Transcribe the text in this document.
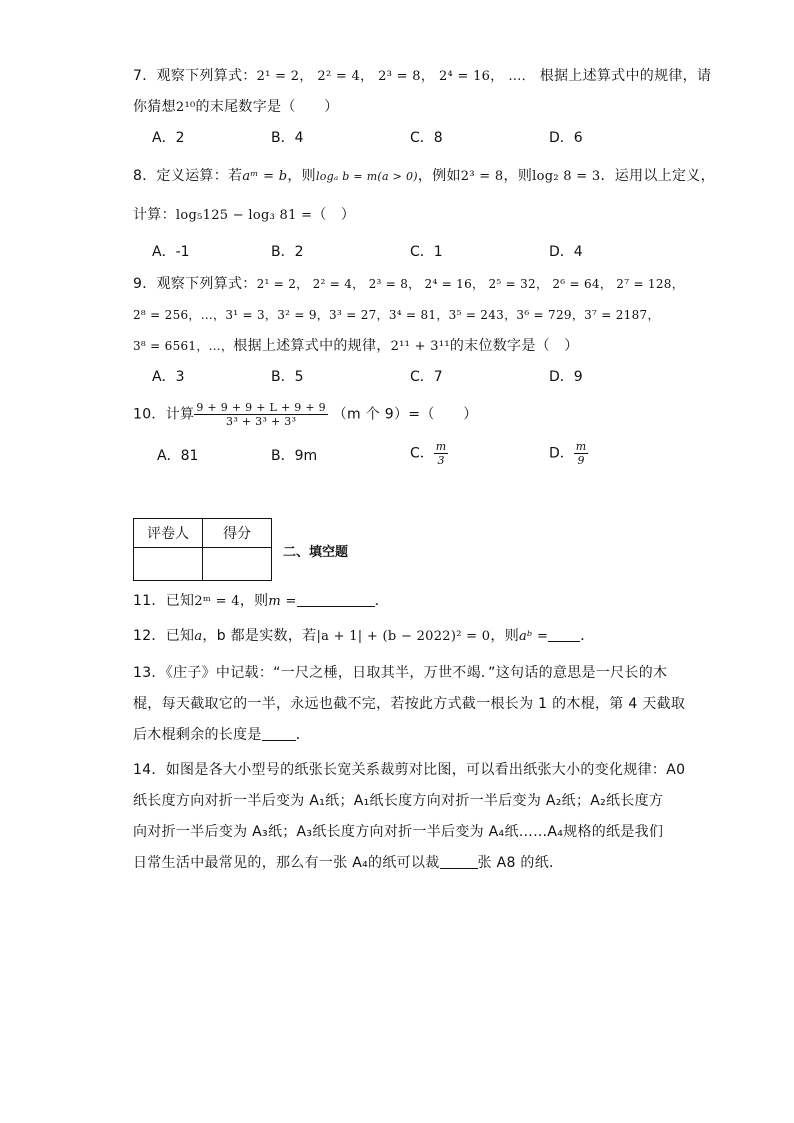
7．观察下列算式：2¹ = 2， 2² = 4， 2³ = 8， 2⁴ = 16， …． 根据上述算式中的规律，请
你猜想2¹⁰的末尾数字是（　　）
A．2	B．4	C．8	D．6
8．定义运算：若aᵐ = b，则logₐ b = m(a > 0)，例如2³ = 8，则log₂ 8 = 3．运用以上定义，
计算：log₅125 − log₃ 81 =（　）
A．-1	B．2	C．1	D．4
9．观察下列算式：2¹ = 2， 2² = 4， 2³ = 8， 2⁴ = 16， 2⁵ = 32， 2⁶ = 64， 2⁷ = 128，
2⁸ = 256，…，3¹ = 3，3² = 9，3³ = 27，3⁴ = 81，3⁵ = 243，3⁶ = 729，3⁷ = 2187，
3⁸ = 6561，…，根据上述算式中的规律，2¹¹ + 3¹¹的末位数字是（　）
A．3	B．5	C．7	D．9
10．计算 $\frac{9 + 9 + 9 + L + 9 + 9}{\text{3³ + 3³ + 3³}} (m$ 个 9）=（　　）
A．81	B．9m	C． $\frac{m}{3}$	D． $\frac{m}{9}$
评卷人	得分

二、填空题
11．已知2ᵐ = 4，则m =	．
12．已知a，b 都是实数，若|a + 1| + (b − 2022)² = 0，则aᵇ = ．
13．《庄子》中记载：“一尺之棰，日取其半，万世不竭．”这句话的意思是一尺长的木
棍，每天截取它的一半，永远也截不完，若按此方式截一根长为 1 的木棍，第 4 天截取
后木棍剩余的长度是 ．
14．如图是各大小型号的纸张长宽关系裁剪对比图，可以看出纸张大小的变化规律：A0
纸长度方向对折一半后变为 A₁纸；A₁纸长度方向对折一半后变为 A₂纸；A₂纸长度方
向对折一半后变为 A₃纸；A₃纸长度方向对折一半后变为 A₄纸……A₄规格的纸是我们
日常生活中最常见的，那么有一张 A₄的纸可以裁	张 A8 的纸.
